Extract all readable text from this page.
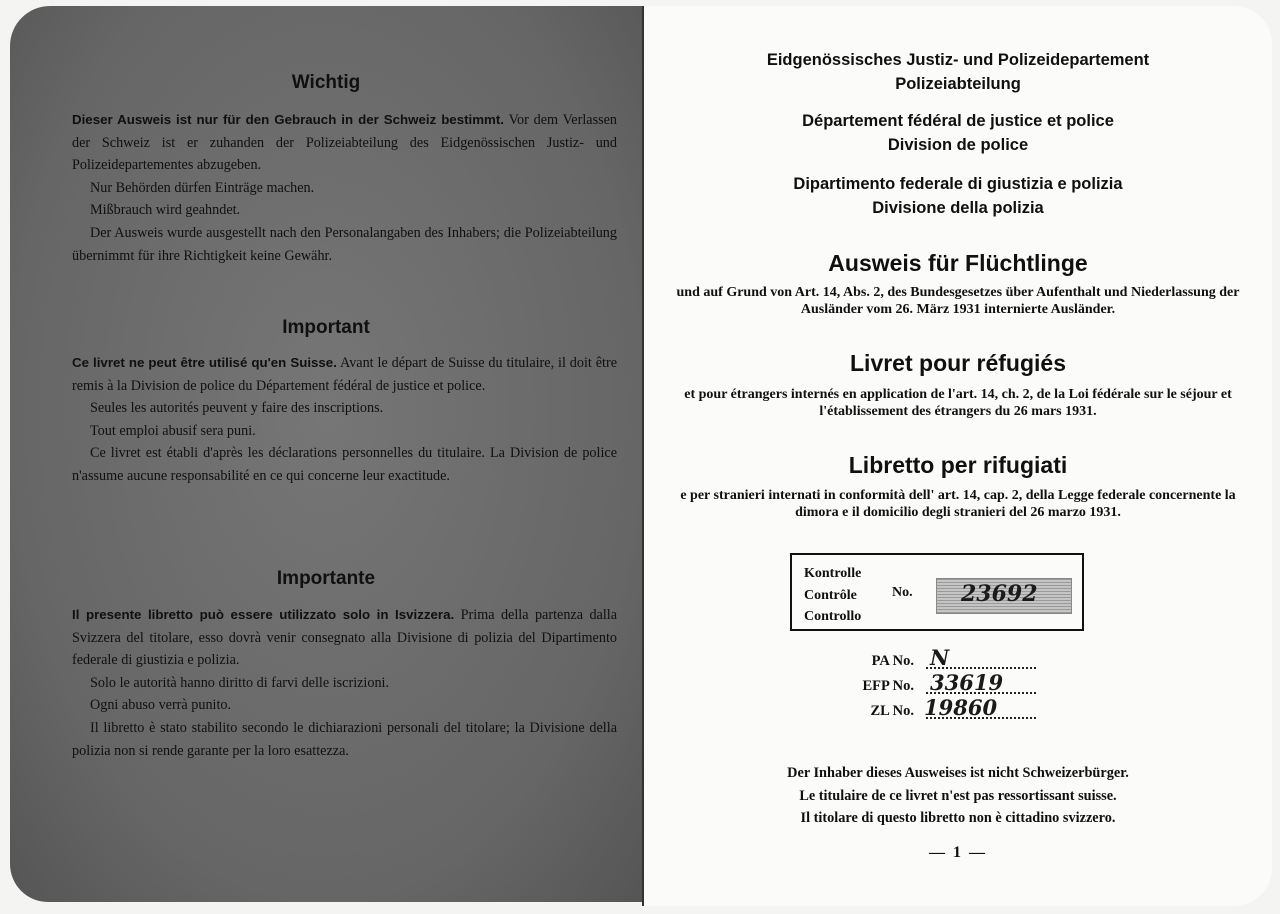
Wichtig

Dieser Ausweis ist nur für den Gebrauch in der Schweiz bestimmt. Vor dem Verlassen der Schweiz ist er zuhanden der Polizeiabteilung des Eidgenössischen Justiz- und Polizeidepartementes abzugeben.

Nur Behörden dürfen Einträge machen.

Mißbrauch wird geahndet.

Der Ausweis wurde ausgestellt nach den Personalangaben des Inhabers; die Polizeiabteilung übernimmt für ihre Richtigkeit keine Gewähr.

Important

Ce livret ne peut être utilisé qu'en Suisse. Avant le départ de Suisse du titulaire, il doit être remis à la Division de police du Département fédéral de justice et police.

Seules les autorités peuvent y faire des inscriptions.

Tout emploi abusif sera puni.

Ce livret est établi d'après les déclarations personnelles du titulaire. La Division de police n'assume aucune responsabilité en ce qui concerne leur exactitude.

Importante

Il presente libretto può essere utilizzato solo in Isvizzera. Prima della partenza dalla Svizzera del titolare, esso dovrà venir consegnato alla Divisione di polizia del Dipartimento federale di giustizia e polizia.

Solo le autorità hanno diritto di farvi delle iscrizioni.

Ogni abuso verrà punito.

Il libretto è stato stabilito secondo le dichiarazioni personali del titolare; la Divisione della polizia non si rende garante per la loro esattezza.

Eidgenössisches Justiz- und Polizeidepartement
Polizeiabteilung
Département fédéral de justice et police
Division de police
Dipartimento federale di giustizia e polizia
Divisione della polizia
Ausweis für Flüchtlinge
und auf Grund von Art. 14, Abs. 2, des Bundesgesetzes über Aufenthalt und Niederlassung der Ausländer vom 26. März 1931 internierte Ausländer.
Livret pour réfugiés
et pour étrangers internés en application de l'art. 14, ch. 2, de la Loi fédérale sur le séjour et l'établissement des étrangers du 26 mars 1931.
Libretto per rifugiati
e per stranieri internati in conformità dell' art. 14, cap. 2, della Legge federale concernente la dimora e il domicilio degli stranieri del 26 marzo 1931.
Kontrolle
Contrôle
Controllo
No. 23692
PA No. N 33619
EFP No.
ZL No. 19860
Der Inhaber dieses Ausweises ist nicht Schweizerbürger.
Le titulaire de ce livret n'est pas ressortissant suisse.
Il titolare di questo libretto non è cittadino svizzero.
— 1 —
